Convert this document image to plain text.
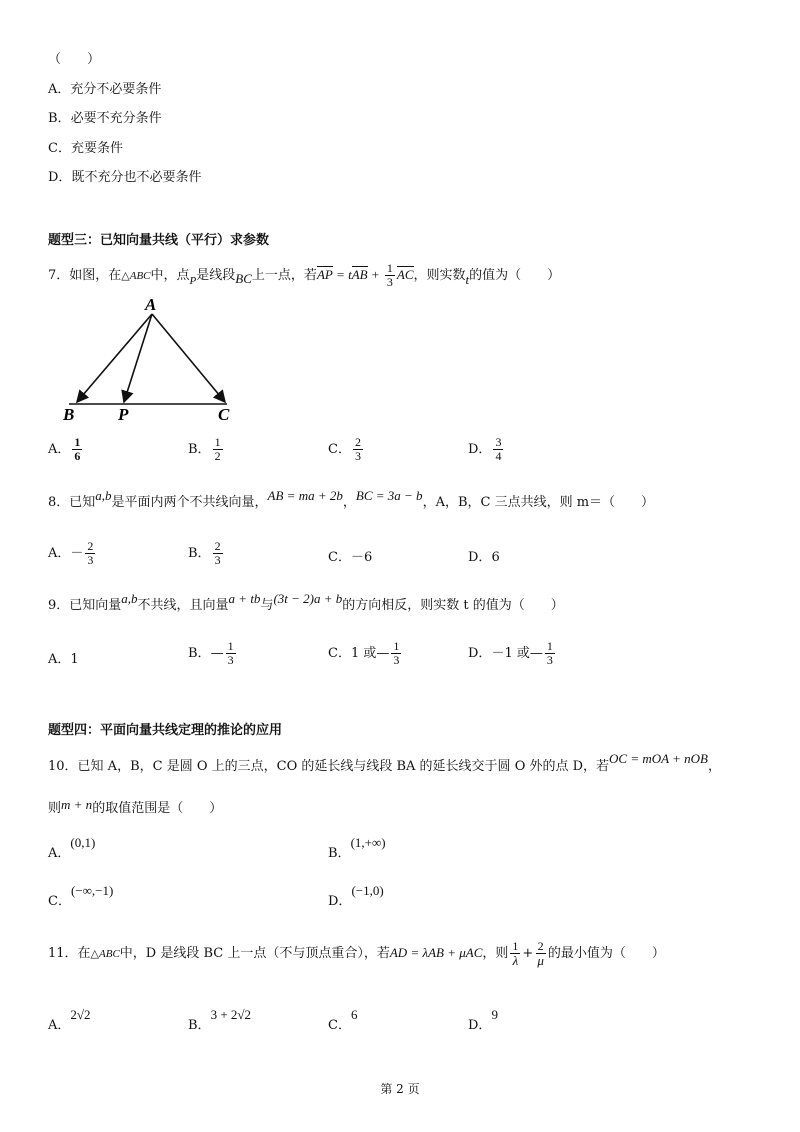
（　　）
A．充分不必要条件
B．必要不充分条件
C．充要条件
D．既不充分也不必要条件
题型三：已知向量共线（平行）求参数
7．如图，在△ABC中，点$_P$是线段BC上一点，若AP = tAB + $\frac{1}{3}$ AC，则实数t的值为（　　）
A
B	P	C
A． $\frac{1}{6}$	B． $\frac{1}{2}$	C． $\frac{2}{3}$	D． $\frac{3}{4}$
8．已知a,b是平面内两个不共线向量，AB = ma + 2b，BC = 3a − b，A，B，C 三点共线，则 m＝（　　）
A．－ $\frac{2}{3}$	B． $\frac{2}{3}$	C．－6	D．6
9．已知向量a,b不共线，且向量a + tb与(3t − 2)a + b的方向相反，则实数 t 的值为（　　）
A．1	B．— $\frac{1}{3}$	C．1 或— $\frac{1}{3}$	D．－1 或— $\frac{1}{3}$
题型四：平面向量共线定理的推论的应用
10．已知 A，B，C 是圆 O 上的三点，CO 的延长线与线段 BA 的延长线交于圆 O 外的点 D，若OC = mOA + nOB，
则m + n的取值范围是（　　）
A．(0,1)
B．(1,+∞)
C．(−∞,−1)
D．(−1,0)
11．在△ABC中，D 是线段 BC 上一点（不与顶点重合），若AD = λAB + μAC，则 $\frac{1}{\lambda} + \frac{2}{\mu}$ 的最小值为（　　）
A．2√2
B．3 + 2√2
C．6
D．9
第 2 页
